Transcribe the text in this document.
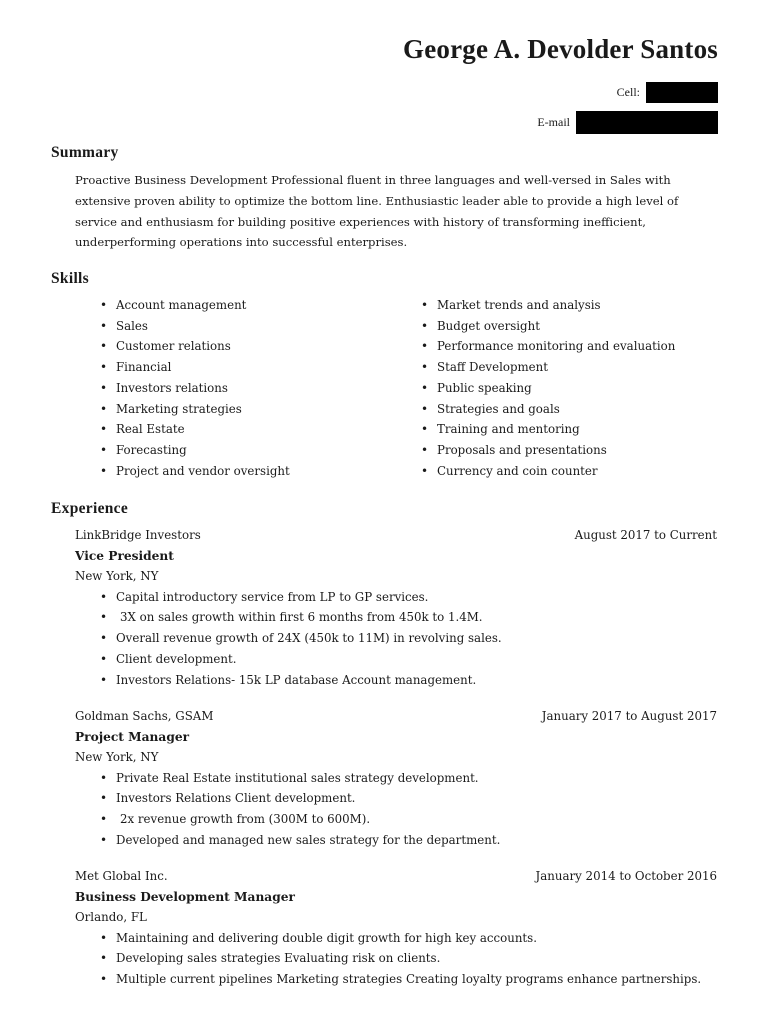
George A. Devolder Santos
Cell:
E-mail
Summary

Proactive Business Development Professional fluent in three languages and well-versed in Sales with extensive proven ability to optimize the bottom line. Enthusiastic leader able to provide a high level of service and enthusiasm for building positive experiences with history of transforming inefficient, underperforming operations into successful enterprises.

Skills
• Account management
• Sales
• Customer relations
• Financial
• Investors relations
• Marketing strategies
• Real Estate
• Forecasting
• Project and vendor oversight
• Market trends and analysis
• Budget oversight
• Performance monitoring and evaluation
• Staff Development
• Public speaking
• Strategies and goals
• Training and mentoring
• Proposals and presentations
• Currency and coin counter
Experience
LinkBridge Investors	August 2017 to Current
Vice President
New York, NY
• Capital introductory service from LP to GP services.
• 3X on sales growth within first 6 months from 450k to 1.4M.
• Overall revenue growth of 24X (450k to 11M) in revolving sales.
• Client development.
• Investors Relations- 15k LP database Account management.
Goldman Sachs, GSAM	January 2017 to August 2017
Project Manager
New York, NY
• Private Real Estate institutional sales strategy development.
• Investors Relations Client development.
• 2x revenue growth from (300M to 600M).
• Developed and managed new sales strategy for the department.
Met Global Inc.	January 2014 to October 2016
Business Development Manager
Orlando, FL
• Maintaining and delivering double digit growth for high key accounts.
• Developing sales strategies Evaluating risk on clients.
• Multiple current pipelines Marketing strategies Creating loyalty programs enhance partnerships.
